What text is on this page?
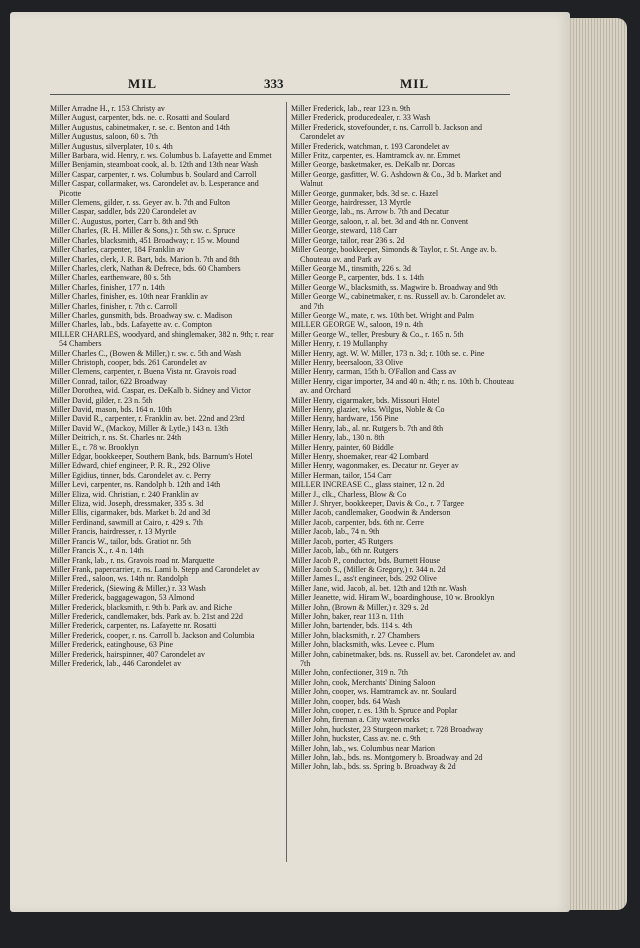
MIL	333	MIL
Miller Arradne H., r. 153 Christy av
Miller August, carpenter, bds. ne. c. Rosatti and Soulard
Miller Augustus, cabinetmaker, r. se. c. Benton and 14th
Miller Augustus, saloon, 60 s. 7th
Miller Augustus, silverplater, 10 s. 4th
Miller Barbara, wid. Henry, r. ws. Columbus b. Lafayette and Emmet
Miller Benjamin, steamboat cook, al. b. 12th and 13th near Wash
Miller Caspar, carpenter, r. ws. Columbus b. Soulard and Carroll
Miller Caspar, collarmaker, ws. Carondelet av. b. Lesperance and Picotte
Miller Clemens, gilder, r. ss. Geyer av. b. 7th and Fulton
Miller Caspar, saddler, bds 220 Carondelet av
Miller C. Augustus, porter, Carr b. 8th and 9th
Miller Charles, (R. H. Miller & Sons,) r. 5th sw. c. Spruce
Miller Charles, blacksmith, 451 Broadway; r. 15 w. Mound
Miller Charles, carpenter, 184 Franklin av
Miller Charles, clerk, J. R. Bart, bds. Marion b. 7th and 8th
Miller Charles, clerk, Nathan & Defrece, bds. 60 Chambers
Miller Charles, earthenware, 80 s. 5th
Miller Charles, finisher, 177 n. 14th
Miller Charles, finisher, es. 10th near Franklin av
Miller Charles, finisher, r. 7th c. Carroll
Miller Charles, gunsmith, bds. Broadway sw. c. Madison
Miller Charles, lab., bds. Lafayette av. c. Compton
MILLER CHARLES, woodyard, and shinglemaker, 382 n. 9th; r. rear 54 Chambers
Miller Charles C., (Bowen & Miller,) r. sw. c. 5th and Wash
Miller Christoph, cooper, bds. 261 Carondelet av
Miller Clemens, carpenter, r. Buena Vista nr. Gravois road
Miller Conrad, tailor, 622 Broadway
Miller Dorothea, wid. Caspar, es. DeKalb b. Sidney and Victor
Miller David, gilder, r. 23 n. 5th
Miller David, mason, bds. 164 n. 10th
Miller David R., carpenter, r. Franklin av. bet. 22nd and 23rd
Miller David W., (Mackoy, Miller & Lytle,) 143 n. 13th
Miller Deitrich, r. ns. St. Charles nr. 24th
Miller E., r. 78 w. Brooklyn
Miller Edgar, bookkeeper, Southern Bank, bds. Barnum's Hotel
Miller Edward, chief engineer, P. R. R., 292 Olive
Miller Egidius, tinner, bds. Carondelet av. c. Perry
Miller Levi, carpenter, ns. Randolph b. 12th and 14th
Miller Eliza, wid. Christian, r. 240 Franklin av
Miller Eliza, wid. Joseph, dressmaker, 335 s. 3d
Miller Ellis, cigarmaker, bds. Market b. 2d and 3d
Miller Ferdinand, sawmill at Cairo, r. 429 s. 7th
Miller Francis, hairdresser, r. 13 Myrtle
Miller Francis W., tailor, bds. Gratiot nr. 5th
Miller Francis X., r. 4 n. 14th
Miller Frank, lab., r. ns. Gravois road nr. Marquette
Miller Frank, papercarrier, r. ns. Lami b. Stepp and Carondelet av
Miller Fred., saloon, ws. 14th nr. Randolph
Miller Frederick, (Siewing & Miller,) r. 33 Wash
Miller Frederick, baggagewagon, 53 Almond
Miller Frederick, blacksmith, r. 9th b. Park av. and Riche
Miller Frederick, candlemaker, bds. Park av. b. 21st and 22d
Miller Frederick, carpenter, ns. Lafayette nr. Rosatti
Miller Frederick, cooper, r. ns. Carroll b. Jackson and Columbia
Miller Frederick, eatinghouse, 63 Pine
Miller Frederick, hairspinner, 407 Carondelet av
Miller Frederick, lab., 446 Carondelet av
Miller Frederick, lab., rear 123 n. 9th
Miller Frederick, producedealer, r. 33 Wash
Miller Frederick, stovefounder, r. ns. Carroll b. Jackson and Carondelet av
Miller Frederick, watchman, r. 193 Carondelet av
Miller Fritz, carpenter, es. Hamtramck av. nr. Emmet
Miller George, basketmaker, es. DeKalb nr. Dorcas
Miller George, gasfitter, W. G. Ashdown & Co., 3d b. Market and Walnut
Miller George, gunmaker, bds. 3d se. c. Hazel
Miller George, hairdresser, 13 Myrtle
Miller George, lab., ns. Arrow b. 7th and Decatur
Miller George, saloon, r. al. bet. 3d and 4th nr. Convent
Miller George, steward, 118 Carr
Miller George, tailor, rear 236 s. 2d
Miller George, bookkeeper, Simonds & Taylor, r. St. Ange av. b. Chouteau av. and Park av
Miller George M., tinsmith, 226 s. 3d
Miller George P., carpenter, bds. 1 s. 14th
Miller George W., blacksmith, ss. Magwire b. Broadway and 9th
Miller George W., cabinetmaker, r. ns. Russell av. b. Carondelet av. and 7th
Miller George W., mate, r. ws. 10th bet. Wright and Palm
MILLER GEORGE W., saloon, 19 n. 4th
Miller George W., teller, Presbury & Co., r. 165 n. 5th
Miller Henry, r. 19 Mullanphy
Miller Henry, agt. W. W. Miller, 173 n. 3d; r. 10th se. c. Pine
Miller Henry, beersaloon, 33 Olive
Miller Henry, carman, 15th b. O'Fallon and Cass av
Miller Henry, cigar importer, 34 and 40 n. 4th; r. ns. 10th b. Chouteau av. and Orchard
Miller Henry, cigarmaker, bds. Missouri Hotel
Miller Henry, glazier, wks. Wilgus, Noble & Co
Miller Henry, hardware, 156 Pine
Miller Henry, lab., al. nr. Rutgers b. 7th and 8th
Miller Henry, lab., 130 n. 8th
Miller Henry, painter, 60 Biddle
Miller Henry, shoemaker, rear 42 Lombard
Miller Henry, wagonmaker, es. Decatur nr. Geyer av
Miller Herman, tailor, 154 Carr
MILLER INCREASE C., glass stainer, 12 n. 2d
Miller J., clk., Charless, Blow & Co
Miller J. Shryer, bookkeeper, Davis & Co., r. 7 Targee
Miller Jacob, candlemaker, Goodwin & Anderson
Miller Jacob, carpenter, bds. 6th nr. Cerre
Miller Jacob, lab., 74 n. 9th
Miller Jacob, porter, 45 Rutgers
Miller Jacob, lab., 6th nr. Rutgers
Miller Jacob P., conductor, bds. Burnett House
Miller Jacob S., (Miller & Gregory,) r. 344 n. 2d
Miller James I., ass't engineer, bds. 292 Olive
Miller Jane, wid. Jacob, al. bet. 12th and 12th nr. Wash
Miller Jeanette, wid. Hiram W., boardinghouse, 10 w. Brooklyn
Miller John, (Brown & Miller,) r. 329 s. 2d
Miller John, baker, rear 113 n. 11th
Miller John, bartender, bds. 114 s. 4th
Miller John, blacksmith, r. 27 Chambers
Miller John, blacksmith, wks. Levee c. Plum
Miller John, cabinetmaker, bds. ns. Russell av. bet. Carondelet av. and 7th
Miller John, confectioner, 319 n. 7th
Miller John, cook, Merchants' Dining Saloon
Miller John, cooper, ws. Hamtramck av. nr. Soulard
Miller John, cooper, bds. 64 Wash
Miller John, cooper, r. es. 13th b. Spruce and Poplar
Miller John, fireman a. City waterworks
Miller John, huckster, 23 Sturgeon market; r. 728 Broadway
Miller John, huckster, Cass av. ne. c. 9th
Miller John, lab., ws. Columbus near Marion
Miller John, lab., bds. ns. Montgomery b. Broadway and 2d
Miller John, lab., bds. ss. Spring b. Broadway & 2d
